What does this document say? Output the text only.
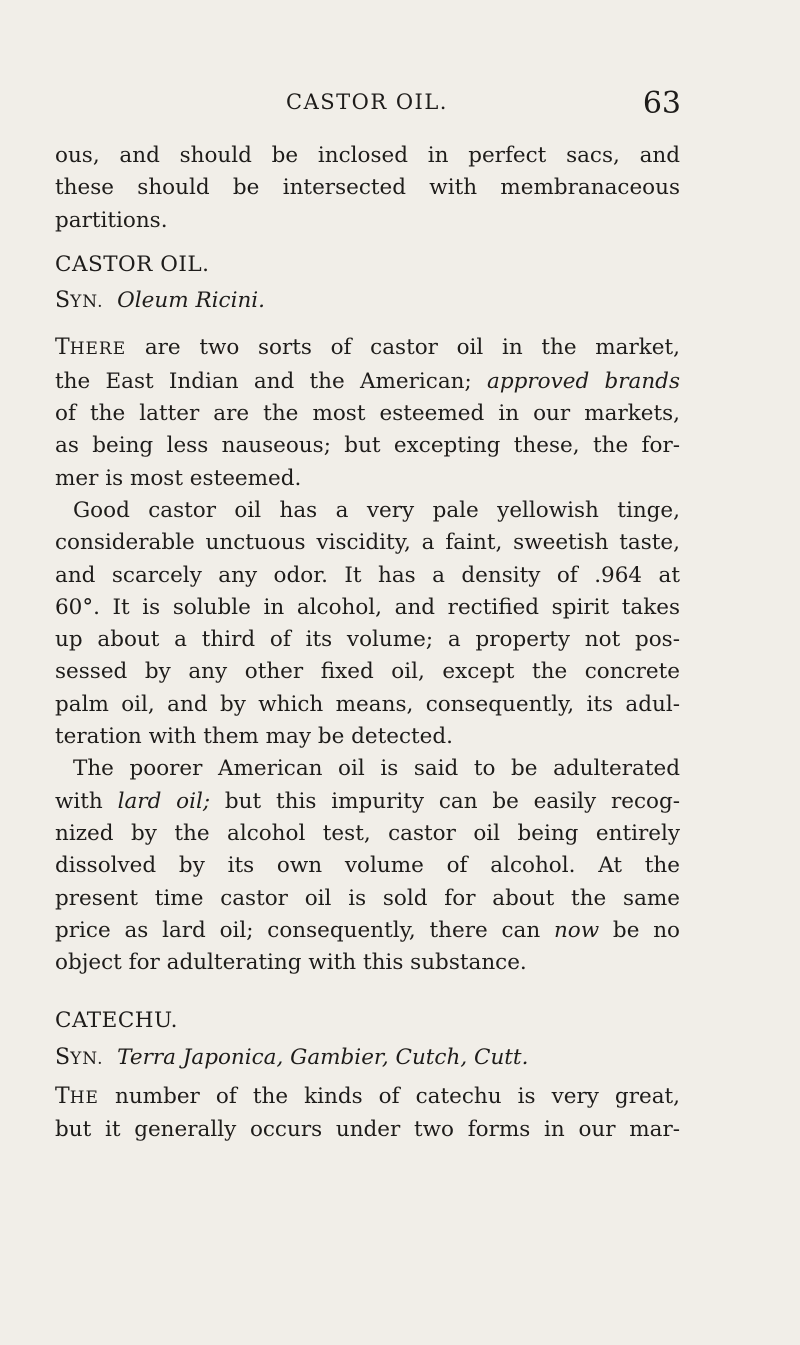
CASTOR OIL.	63

ous, and should be inclosed in perfect sacs, and
these should be intersected with membranaceous
partitions.

CASTOR OIL.

SYN. Oleum Ricini.

THERE are two sorts of castor oil in the market,
the East Indian and the American; approved brands
of the latter are the most esteemed in our markets,
as being less nauseous; but excepting these, the for-
mer is most esteemed.

Good castor oil has a very pale yellowish tinge,
considerable unctuous viscidity, a faint, sweetish taste,
and scarcely any odor. It has a density of .964 at
60°. It is soluble in alcohol, and rectified spirit takes
up about a third of its volume; a property not pos-
sessed by any other fixed oil, except the concrete
palm oil, and by which means, consequently, its adul-
teration with them may be detected.

The poorer American oil is said to be adulterated
with lard oil; but this impurity can be easily recog-
nized by the alcohol test, castor oil being entirely
dissolved by its own volume of alcohol. At the
present time castor oil is sold for about the same
price as lard oil; consequently, there can now be no
object for adulterating with this substance.

CATECHU.

SYN. Terra Japonica, Gambier, Cutch, Cutt.

THE number of the kinds of catechu is very great,
but it generally occurs under two forms in our mar-
